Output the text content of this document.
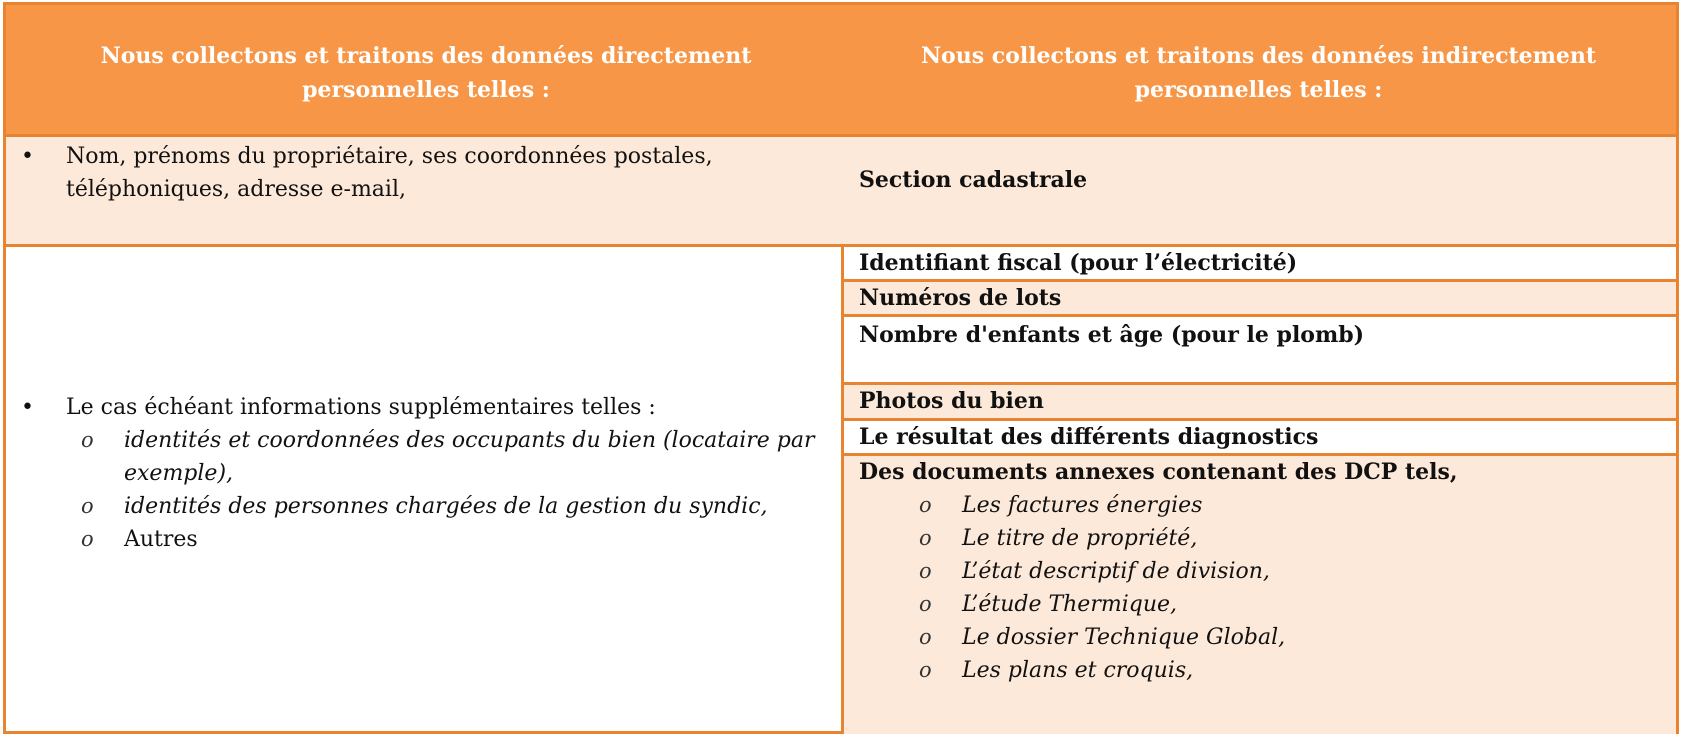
Nous collectons et traitons des données directement
personnelles telles :
Nous collectons et traitons des données indirectement
personnelles telles :
• Nom, prénoms du propriétaire, ses coordonnées postales,
téléphoniques, adresse e-mail,	Section cadastrale
• Le cas échéant informations supplémentaires telles :
o identités et coordonnées des occupants du bien (locataire par
exemple),
o identités des personnes chargées de la gestion du syndic,
o Autres
Identifiant fiscal (pour l’électricité)
Numéros de lots
Nombre d'enfants et âge (pour le plomb)
Photos du bien
Le résultat des différents diagnostics
Des documents annexes contenant des DCP tels,
o Les factures énergies
o Le titre de propriété,
o L’état descriptif de division,
o L’étude Thermique,
o Le dossier Technique Global,
o Les plans et croquis,
